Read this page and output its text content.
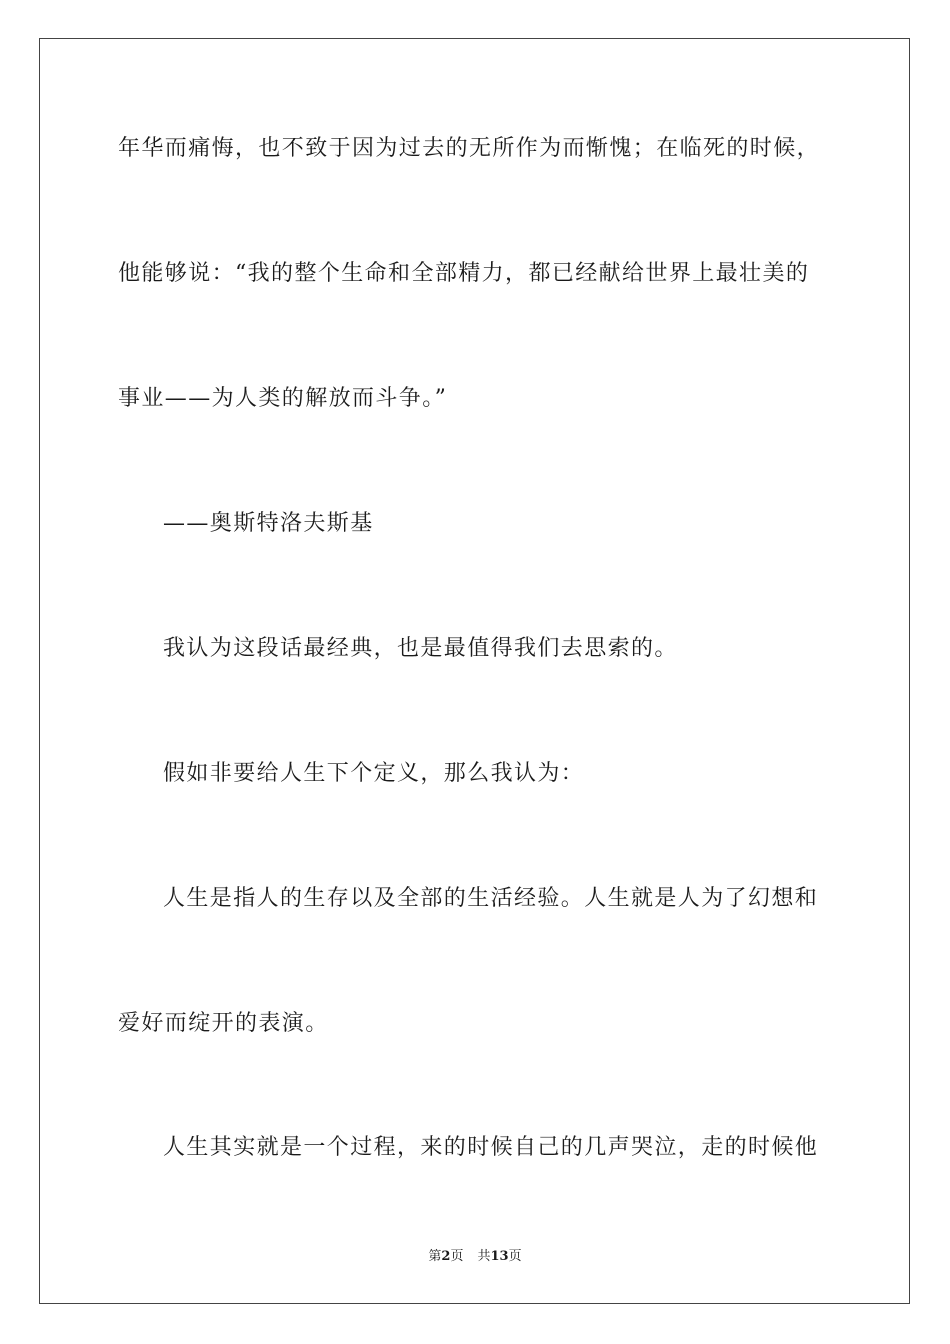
年华而痛悔，也不致于因为过去的无所作为而惭愧；在临死的时候，
他能够说：“我的整个生命和全部精力，都已经献给世界上最壮美的
事业——为人类的解放而斗争。”
——奥斯特洛夫斯基
我认为这段话最经典，也是最值得我们去思索的。
假如非要给人生下个定义，那么我认为：
人生是指人的生存以及全部的生活经验。人生就是人为了幻想和
爱好而绽开的表演。
人生其实就是一个过程，来的时候自己的几声哭泣，走的时候他
第2页 共13页
